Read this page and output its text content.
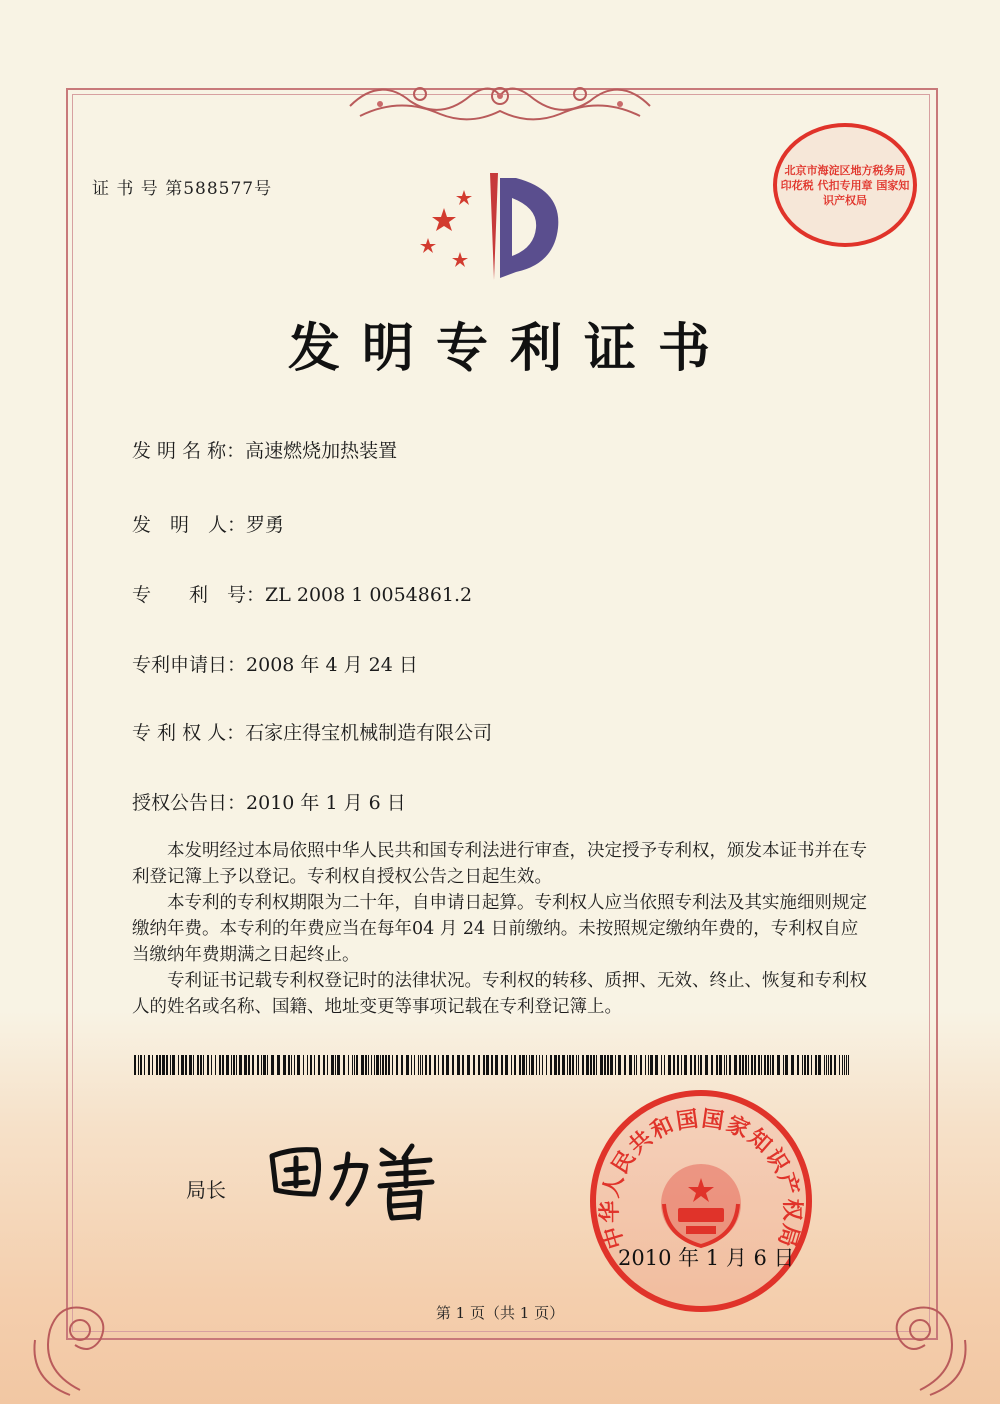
证 书 号 第588577号
发明专利证书
发 明 名 称：高速燃烧加热装置
发　明　人：罗勇
专　　利　号：ZL 2008 1 0054861.2
专利申请日：2008 年 4 月 24 日
专 利 权 人：石家庄得宝机械制造有限公司
授权公告日：2010 年 1 月 6 日

本发明经过本局依照中华人民共和国专利法进行审查，决定授予专利权，颁发本证书并在专利登记簿上予以登记。专利权自授权公告之日起生效。

本专利的专利权期限为二十年，自申请日起算。专利权人应当依照专利法及其实施细则规定缴纳年费。本专利的年费应当在每年04 月 24 日前缴纳。未按照规定缴纳年费的，专利权自应当缴纳年费期满之日起终止。

专利证书记载专利权登记时的法律状况。专利权的转移、质押、无效、终止、恢复和专利权人的姓名或名称、国籍、地址变更等事项记载在专利登记簿上。

局长
中华人民共和国国家知识产权局
2010 年 1 月 6 日
北京市海淀区地方税务局 印花税 代扣专用章 国家知识产权局
第 1 页（共 1 页）
